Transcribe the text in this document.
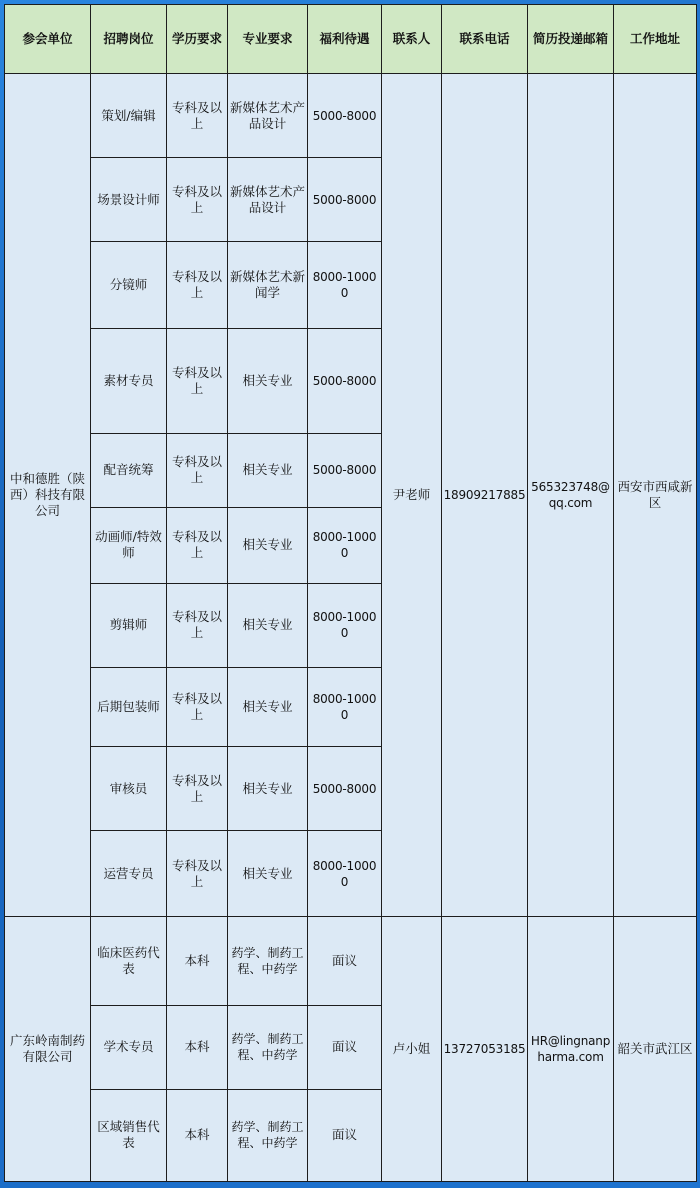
参会单位	招聘岗位	学历要求	专业要求	福利待遇	联系人	联系电话	简历投递邮箱	工作地址
中和德胜（陕西）科技有限公司	策划/编辑	专科及以上	新媒体艺术产品设计	5000-8000	尹老师	18909217885	565323748@qq.com	西安市西咸新区
	场景设计师	专科及以上	新媒体艺术产品设计	5000-8000				
	分镜师	专科及以上	新媒体艺术新闻学	8000-10000				
	素材专员	专科及以上	相关专业	5000-8000				
	配音统筹	专科及以上	相关专业	5000-8000				
	动画师/特效师	专科及以上	相关专业	8000-10000				
	剪辑师	专科及以上	相关专业	8000-10000				
	后期包装师	专科及以上	相关专业	8000-10000				
	审核员	专科及以上	相关专业	5000-8000				
	运营专员	专科及以上	相关专业	8000-10000				
广东岭南制药有限公司	临床医药代表	本科	药学、制药工程、中药学	面议	卢小姐	13727053185	HR@lingnanpharma.com	韶关市武江区
	学术专员	本科	药学、制药工程、中药学	面议				
	区域销售代表	本科	药学、制药工程、中药学	面议				
